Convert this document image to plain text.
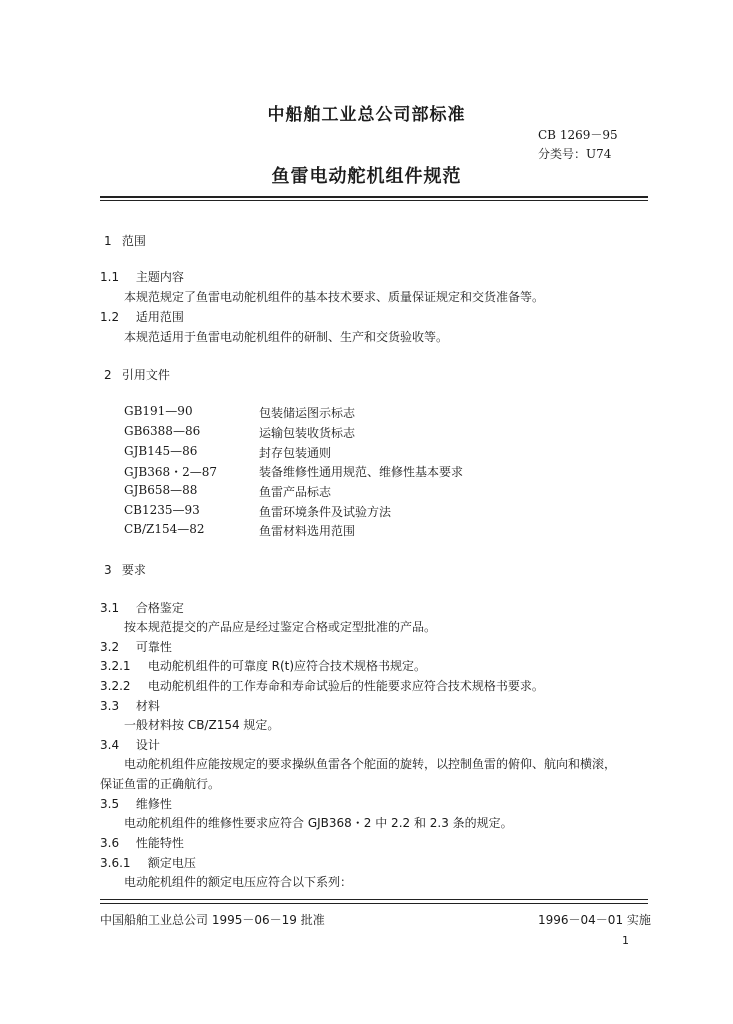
中船舶工业总公司部标准
CB 1269－95
分类号：U74
鱼雷电动舵机组件规范
1 范围
1.1 主题内容
本规范规定了鱼雷电动舵机组件的基本技术要求、质量保证规定和交货准备等。
1.2 适用范围
本规范适用于鱼雷电动舵机组件的研制、生产和交货验收等。
2 引用文件
GB191—90	包装储运图示标志
GB6388—86	运输包装收货标志
GJB145—86	封存包装通则
GJB368・2—87	装备维修性通用规范、维修性基本要求
GJB658—88	鱼雷产品标志
CB1235—93	鱼雷环境条件及试验方法
CB/Z154—82	鱼雷材料选用范围
3 要求
3.1 合格鉴定
按本规范提交的产品应是经过鉴定合格或定型批准的产品。
3.2 可靠性
3.2.1 电动舵机组件的可靠度 R(t)应符合技术规格书规定。
3.2.2 电动舵机组件的工作寿命和寿命试验后的性能要求应符合技术规格书要求。
3.3 材料
一般材料按 CB/Z154 规定。
3.4 设计
电动舵机组件应能按规定的要求操纵鱼雷各个舵面的旋转，以控制鱼雷的俯仰、航向和横滚，
保证鱼雷的正确航行。
3.5 维修性
电动舵机组件的维修性要求应符合 GJB368・2 中 2.2 和 2.3 条的规定。
3.6 性能特性
3.6.1 额定电压
电动舵机组件的额定电压应符合以下系列：
中国船舶工业总公司 1995－06－19 批准	1996－04－01 实施
1
